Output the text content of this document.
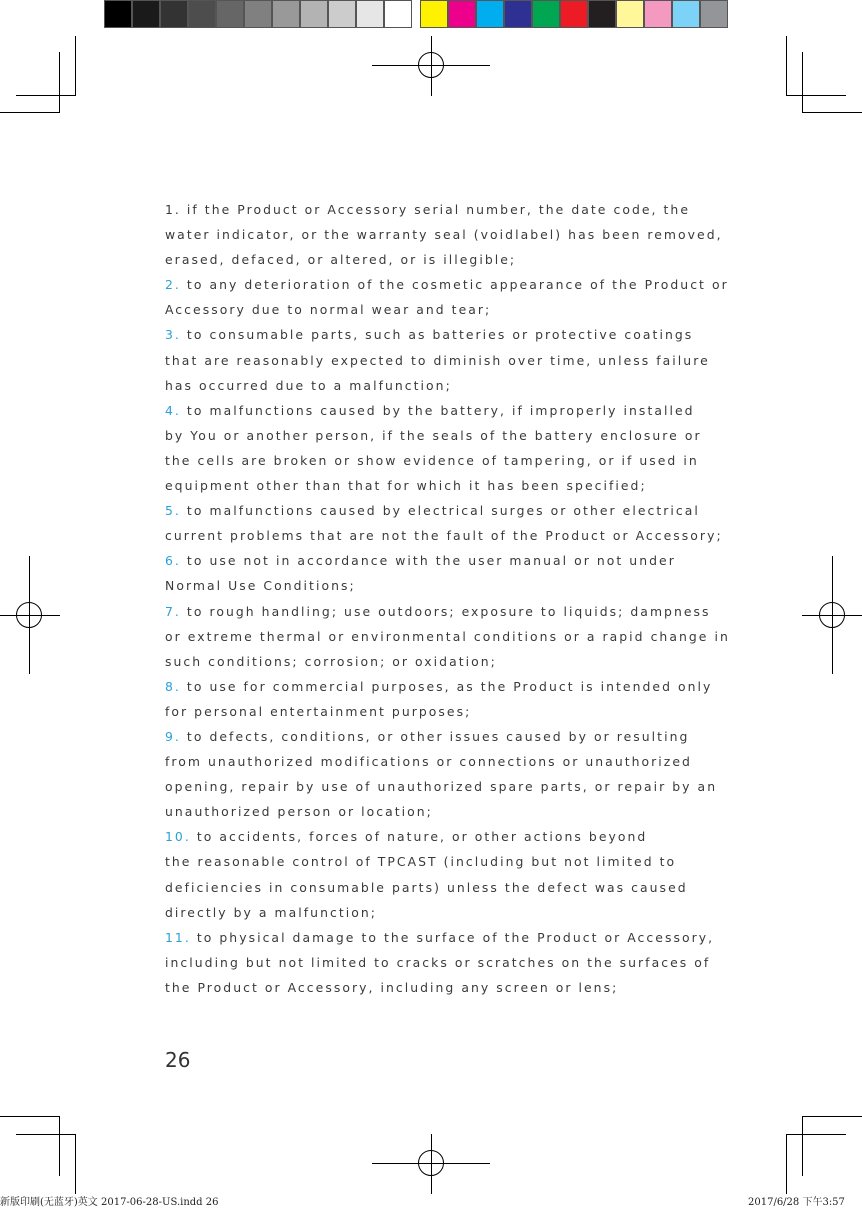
1. if the Product or Accessory serial number, the date code, the
water indicator, or the warranty seal (voidlabel) has been removed,
erased, defaced, or altered, or is illegible;
2. to any deterioration of the cosmetic appearance of the Product or
Accessory due to normal wear and tear;
3. to consumable parts, such as batteries or protective coatings
that are reasonably expected to diminish over time, unless failure
has occurred due to a malfunction;
4. to malfunctions caused by the battery, if improperly installed
by You or another person, if the seals of the battery enclosure or
the cells are broken or show evidence of tampering, or if used in
equipment other than that for which it has been specified;
5. to malfunctions caused by electrical surges or other electrical
current problems that are not the fault of the Product or Accessory;
6. to use not in accordance with the user manual or not under
Normal Use Conditions;
7. to rough handling; use outdoors; exposure to liquids; dampness
or extreme thermal or environmental conditions or a rapid change in
such conditions; corrosion; or oxidation;
8. to use for commercial purposes, as the Product is intended only
for personal entertainment purposes;
9. to defects, conditions, or other issues caused by or resulting
from unauthorized modifications or connections or unauthorized
opening, repair by use of unauthorized spare parts, or repair by an
unauthorized person or location;
10. to accidents, forces of nature, or other actions beyond
the reasonable control of TPCAST (including but not limited to
deficiencies in consumable parts) unless the defect was caused
directly by a malfunction;
11. to physical damage to the surface of the Product or Accessory,
including but not limited to cracks or scratches on the surfaces of
the Product or Accessory, including any screen or lens;
26
新版印刷(无蓝牙)英文 2017-06-28-US.indd 26	2017/6/28 下午3:57
